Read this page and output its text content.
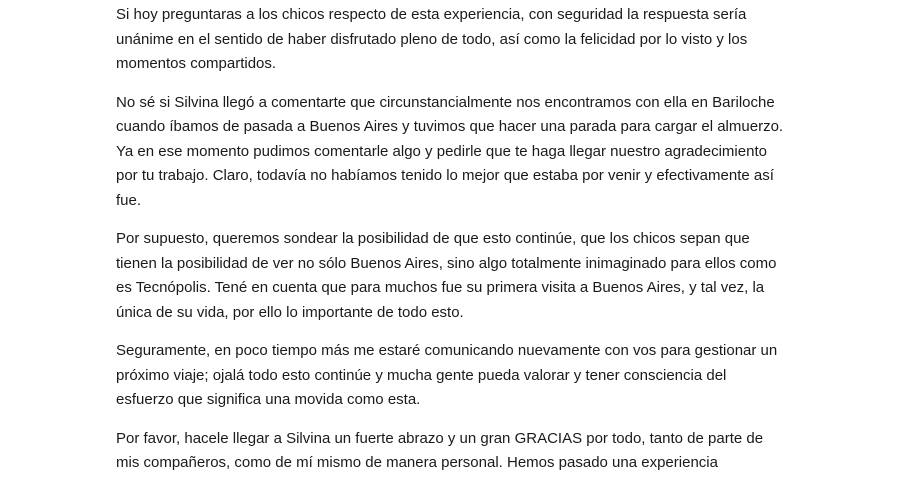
Si hoy preguntaras a los chicos respecto de esta experiencia, con seguridad la respuesta sería unánime en el sentido de haber disfrutado pleno de todo, así como la felicidad por lo visto y los momentos compartidos.

No sé si Silvina llegó a comentarte que circunstancialmente nos encontramos con ella en Bariloche cuando íbamos de pasada a Buenos Aires y tuvimos que hacer una parada para cargar el almuerzo. Ya en ese momento pudimos comentarle algo y pedirle que te haga llegar nuestro agradecimiento por tu trabajo. Claro, todavía no habíamos tenido lo mejor que estaba por venir y efectivamente así fue.

Por supuesto, queremos sondear la posibilidad de que esto continúe, que los chicos sepan que tienen la posibilidad de ver no sólo Buenos Aires, sino algo totalmente inimaginado para ellos como es Tecnópolis. Tené en cuenta que para muchos fue su primera visita a Buenos Aires, y tal vez, la única de su vida, por ello lo importante de todo esto.

Seguramente, en poco tiempo más me estaré comunicando nuevamente con vos para gestionar un próximo viaje; ojalá todo esto continúe y mucha gente pueda valorar y tener consciencia del esfuerzo que significa una movida como esta.

Por favor, hacele llegar a Silvina un fuerte abrazo y un gran GRACIAS por todo, tanto de parte de mis compañeros, como de mí mismo de manera personal. Hemos pasado una experiencia
